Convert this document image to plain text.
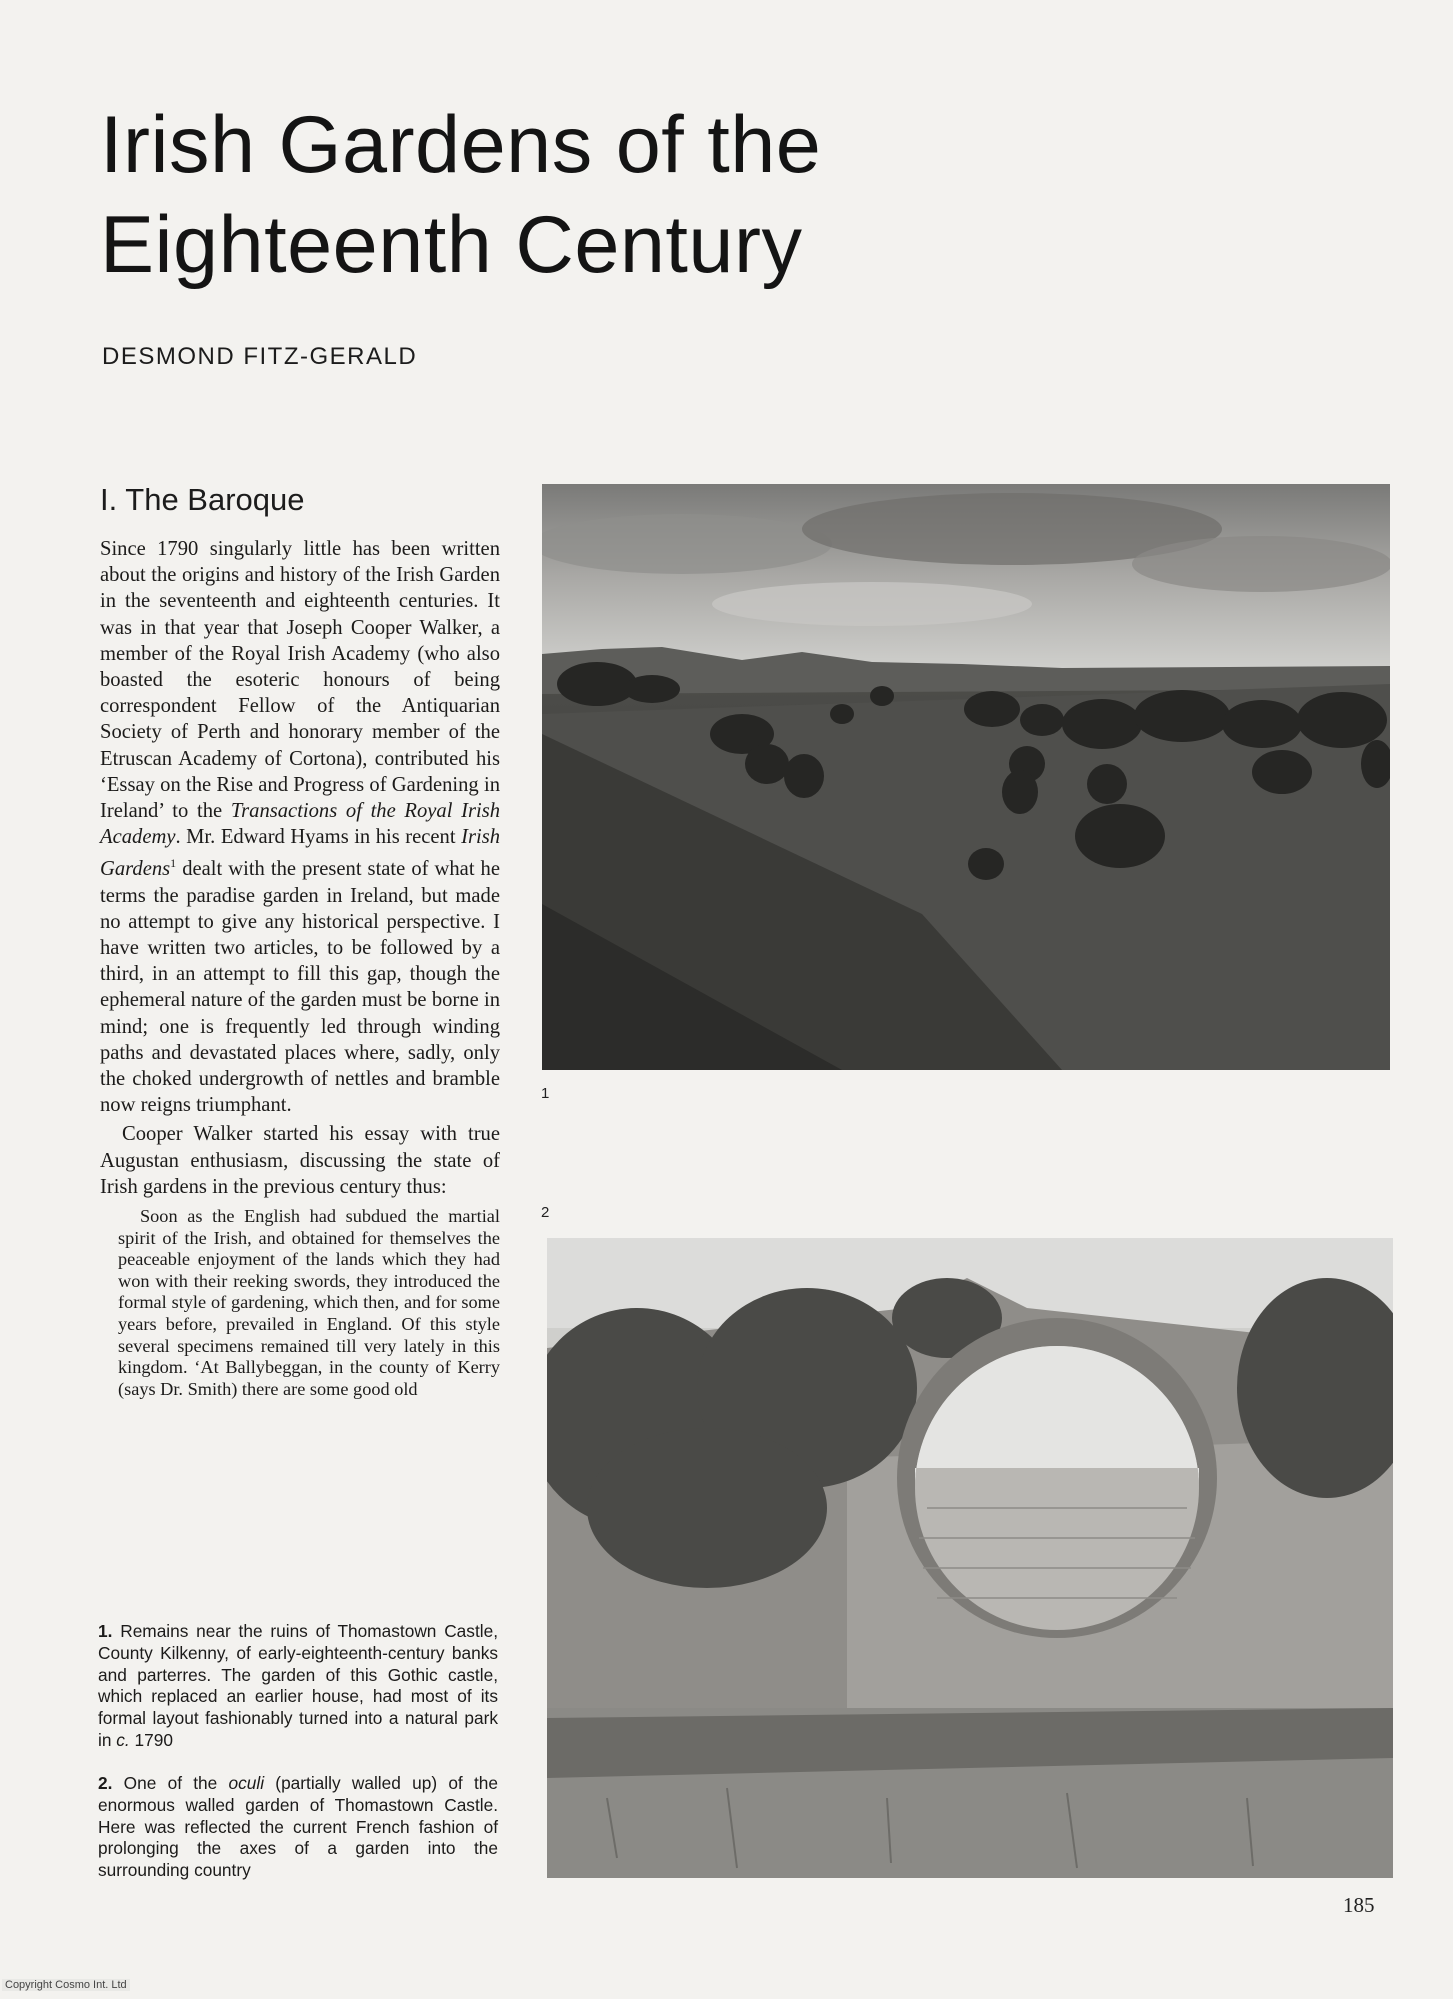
Irish Gardens of the
Eighteenth Century

DESMOND FITZ-GERALD

I. The Baroque

Since 1790 singularly little has been written about the origins and history of the Irish Garden in the seventeenth and eighteenth centuries. It was in that year that Joseph Cooper Walker, a member of the Royal Irish Academy (who also boasted the esoteric honours of being correspondent Fellow of the Antiquarian Society of Perth and honorary member of the Etruscan Academy of Cortona), contributed his ‘Essay on the Rise and Progress of Gardening in Ireland’ to the Transactions of the Royal Irish Academy. Mr. Edward Hyams in his recent Irish Gardens$^1$ dealt with the present state of what he terms the paradise garden in Ireland, but made no attempt to give any historical perspective. I have written two articles, to be followed by a third, in an attempt to fill this gap, though the ephemeral nature of the garden must be borne in mind; one is frequently led through winding paths and devastated places where, sadly, only the choked undergrowth of nettles and bramble now reigns triumphant.

Cooper Walker started his essay with true Augustan enthusiasm, discussing the state of Irish gardens in the previous century thus:

Soon as the English had subdued the martial spirit of the Irish, and obtained for themselves the peaceable enjoyment of the lands which they had won with their reeking swords, they introduced the formal style of gardening, which then, and for some years before, prevailed in England. Of this style several specimens remained till very lately in this kingdom. ‘At Ballybeggan, in the county of Kerry (says Dr. Smith) there are some good old

1. Remains near the ruins of Thomastown Castle, County Kilkenny, of early-eighteenth-century banks and parterres. The garden of this Gothic castle, which replaced an earlier house, had most of its formal layout fashionably turned into a natural park in c. 1790

2. One of the oculi (partially walled up) of the enormous walled garden of Thomastown Castle. Here was reflected the current French fashion of prolonging the axes of a garden into the surrounding country

1
2

185

Copyright Cosmo Int. Ltd
